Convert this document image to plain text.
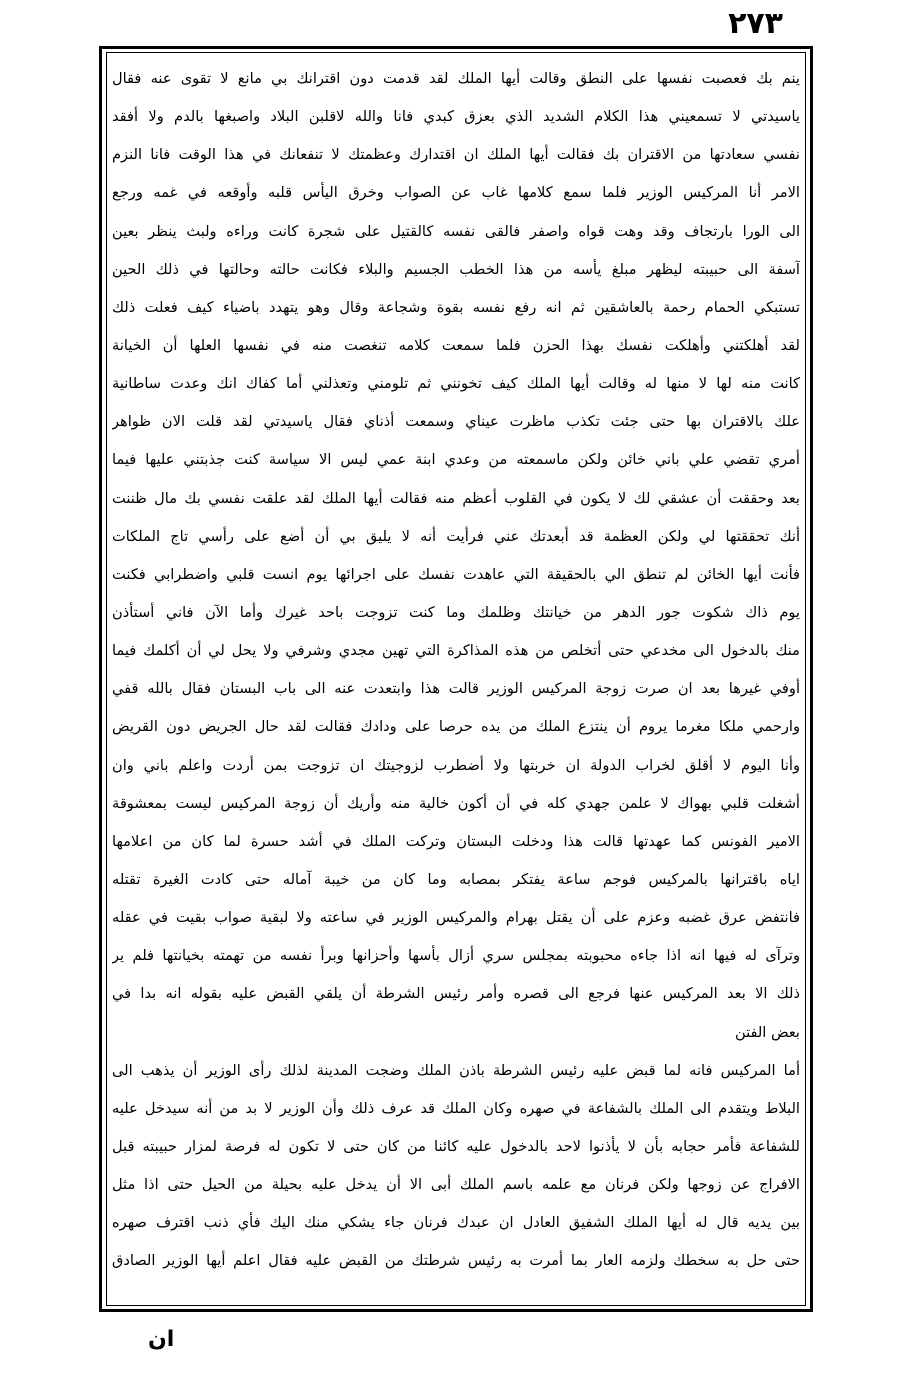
٢٧٣
ينم بك فعصبت نفسها على النطق وقالت أيها الملك لقد قدمت دون اقترانك بي مانع لا تقوى عنه فقال
ياسيدتي لا تسمعيني هذا الكلام الشديد الذي بعزق كبدي فانا والله لاقلبن البلاد واصبغها بالدم ولا أفقد
نفسي سعادتها من الاقتران بك فقالت أيها الملك ان اقتدارك وعظمتك لا تنفعانك في هذا الوقت فانا النزم
الامر أنا المركيس الوزير فلما سمع كلامها غاب عن الصواب وخرق اليأس قلبه وأوقعه في غمه ورجع
الى الورا بارتجاف وقد وهت قواه واصفر فالقى نفسه كالقتيل على شجرة كانت وراءه ولبث ينظر بعين
آسفة الى حبيبته ليظهر مبلغ يأسه من هذا الخطب الجسيم والبلاء فكانت حالته وحالتها في ذلك الحين
تستبكي الحمام رحمة بالعاشقين ثم انه رفع نفسه بقوة وشجاعة وقال وهو يتهدد باضياء كيف فعلت ذلك
لقد أهلكتني وأهلكت نفسك بهذا الحزن فلما سمعت كلامه تنغصت منه في نفسها العلها أن الخيانة
كانت منه لها لا منها له وقالت أيها الملك كيف تخونني ثم تلومني وتعذلني أما كفاك انك وعدت ساطانية
علك بالاقتران بها حتى جئت تكذب ماظرت عيناي وسمعت أذناي فقال ياسيدتي لقد قلت الان ظواهر
أمري تقضي علي باني خائن ولكن ماسمعته من وعدي ابنة عمي ليس الا سياسة كنت جذبتني عليها فيما
بعد وحققت أن عشقي لك لا يكون في القلوب أعظم منه فقالت أيها الملك لقد علقت نفسي بك مال ظننت
أنك تحققتها لي ولكن العظمة قد أبعدتك عني فرأيت أنه لا يليق بي أن أضع على رأسي تاج الملكات
فأنت أيها الخائن لم تنطق الي بالحقيقة التي عاهدت نفسك على اجرائها يوم انست قلبي واضطرابي فكنت
يوم ذاك شكوت جور الدهر من خيانتك وظلمك وما كنت تزوجت باحد غيرك وأما الآن فاني أستأذن
منك بالدخول الى مخدعي حتى أتخلص من هذه المذاكرة التي تهين مجدي وشرفي ولا يحل لي أن أكلمك فيما
أوفي غيرها بعد ان صرت زوجة المركيس الوزير قالت هذا وابتعدت عنه الى باب البستان فقال بالله قفي
وارحمي ملكا مغرما يروم أن ينتزع الملك من يده حرصا على ودادك فقالت لقد حال الجريض دون القريض
وأنا اليوم لا أقلق لخراب الدولة ان خربتها ولا أضطرب لزوجيتك ان تزوجت بمن أردت واعلم باني وان
أشغلت قلبي بهواك لا علمن جهدي كله في أن أكون خالية منه وأريك أن زوجة المركيس ليست بمعشوقة
الامير الفونس كما عهدتها قالت هذا ودخلت البستان وتركت الملك في أشد حسرة لما كان من اعلامها
اياه باقترانها بالمركيس فوجم ساعة يفتكر بمصابه وما كان من خيبة آماله حتى كادت الغيرة تقتله
فانتفض عرق غضبه وعزم على أن يقتل بهرام والمركيس الوزير في ساعته ولا لبقية صواب بقيت في عقله
وترآى له فيها انه اذا جاءه محبوبته بمجلس سري أزال بأسها وأحزانها وبرأ نفسه من تهمته بخيانتها فلم ير
ذلك الا بعد المركيس عنها فرجع الى قصره وأمر رئيس الشرطة أن يلقي القبض عليه بقوله انه بدا في
بعض الفتن
أما المركيس فانه لما قبض عليه رئيس الشرطة باذن الملك وضجت المدينة لذلك رأى الوزير أن يذهب الى
البلاط ويتقدم الى الملك بالشفاعة في صهره وكان الملك قد عرف ذلك وأن الوزير لا بد من أنه سيدخل عليه
للشفاعة فأمر حجابه بأن لا يأذنوا لاحد بالدخول عليه كائنا من كان حتى لا تكون له فرصة لمزار حبيبته قبل
الافراج عن زوجها ولكن فرنان مع علمه باسم الملك أبى الا أن يدخل عليه بحيلة من الحيل حتى اذا مثل
بين يديه قال له أيها الملك الشفيق العادل ان عبدك فرنان جاء يشكي منك اليك فأي ذنب اقترف صهره
حتى حل به سخطك ولزمه العار بما أمرت به رئيس شرطتك من القبض عليه فقال اعلم أيها الوزير الصادق
ان
